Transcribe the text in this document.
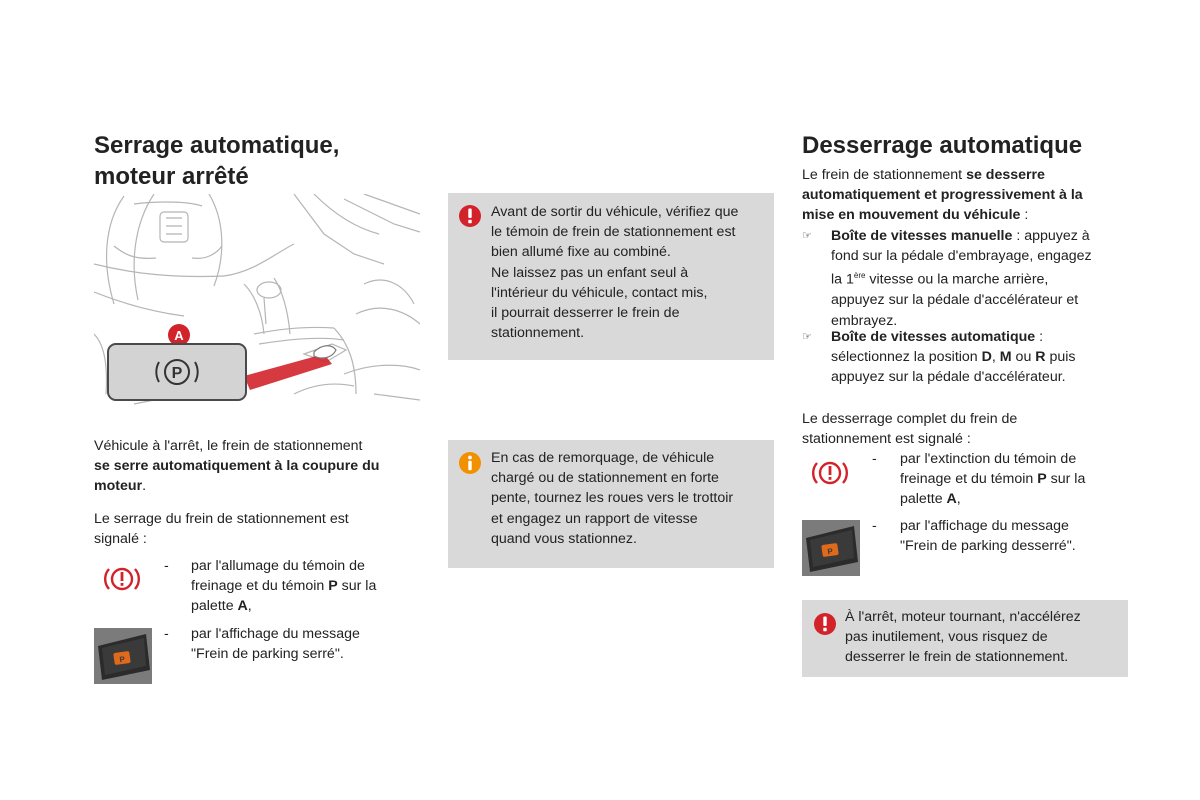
Serrage automatique,
moteur arrêté
A
P
Véhicule à l'arrêt, le frein de stationnement
se serre automatiquement à la coupure du moteur.
Le serrage du frein de stationnement est
signalé :
- par l'allumage du témoin de
freinage et du témoin P sur la
palette A,
P
- par l'affichage du message
"Frein de parking serré".
Avant de sortir du véhicule, vérifiez que
le témoin de frein de stationnement est
bien allumé fixe au combiné.
Ne laissez pas un enfant seul à
l'intérieur du véhicule, contact mis,
il pourrait desserrer le frein de
stationnement.
En cas de remorquage, de véhicule
chargé ou de stationnement en forte
pente, tournez les roues vers le trottoir
et engagez un rapport de vitesse
quand vous stationnez.
Desserrage automatique
Le frein de stationnement se desserre
automatiquement et progressivement à la
mise en mouvement du véhicule :
☞ Boîte de vitesses manuelle : appuyez à
fond sur la pédale d'embrayage, engagez
la 1ère vitesse ou la marche arrière,
appuyez sur la pédale d'accélérateur et
embrayez.
☞ Boîte de vitesses automatique :
sélectionnez la position D, M ou R puis
appuyez sur la pédale d'accélérateur.
Le desserrage complet du frein de
stationnement est signalé :
- par l'extinction du témoin de
freinage et du témoin P sur la
palette A,
P
- par l'affichage du message
"Frein de parking desserré".
À l'arrêt, moteur tournant, n'accélérez
pas inutilement, vous risquez de
desserrer le frein de stationnement.
